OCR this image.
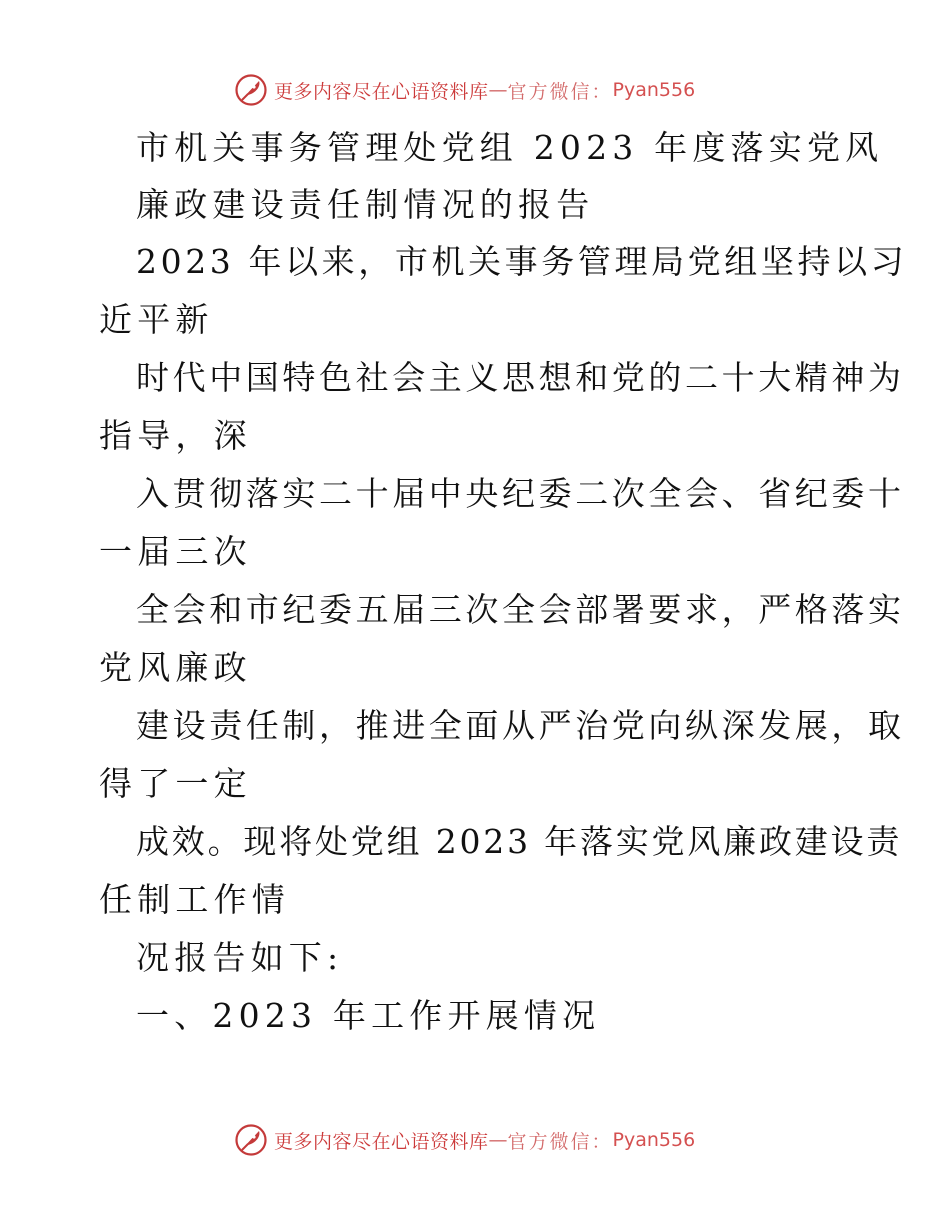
更多内容尽在心语资料库 — 官方微信： Pyan556
市机关事务管理处党组 2023 年度落实党风
廉政建设责任制情况的报告
2023 年以来，市机关事务管理局党组坚持以习
近平新
时代中国特色社会主义思想和党的二十大精神为
指导，深
入贯彻落实二十届中央纪委二次全会、省纪委十
一届三次
全会和市纪委五届三次全会部署要求，严格落实
党风廉政
建设责任制，推进全面从严治党向纵深发展，取
得了一定
成效。现将处党组 2023 年落实党风廉政建设责
任制工作情
况报告如下:
一、2023 年工作开展情况
更多内容尽在心语资料库 — 官方微信： Pyan556
